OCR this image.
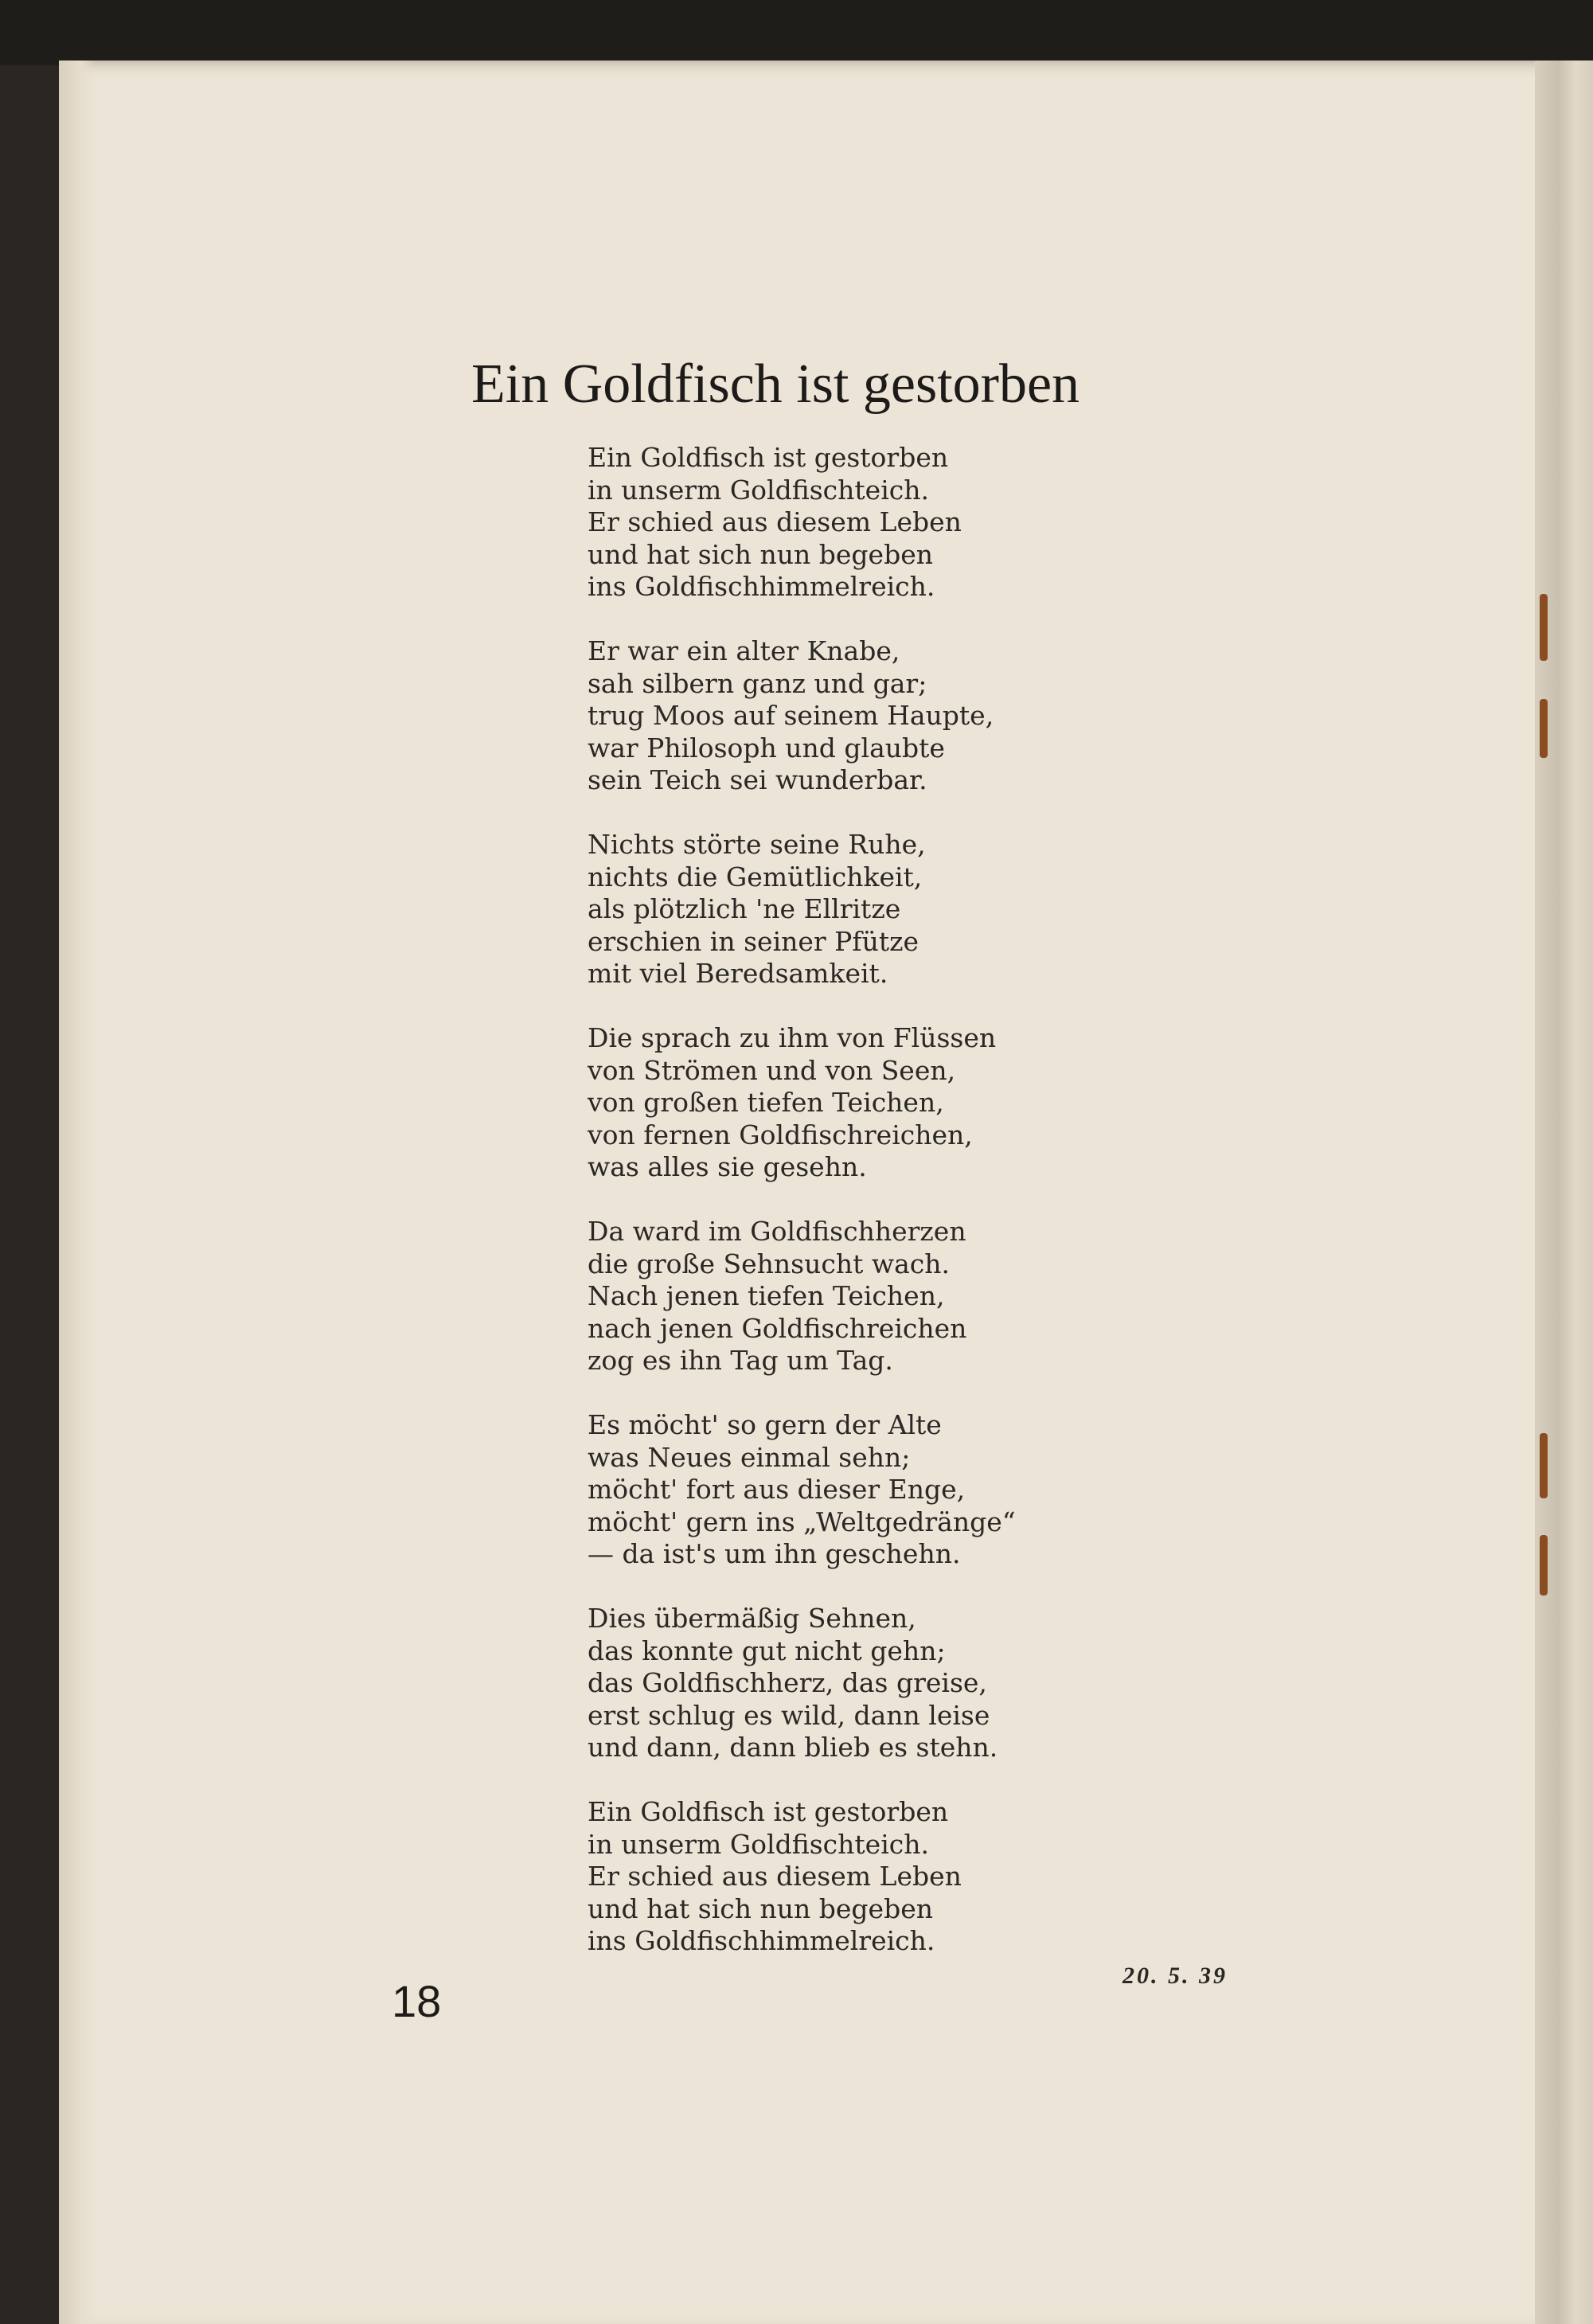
Ein Goldfisch ist gestorben
Ein Goldfisch ist gestorben
in unserm Goldfischteich.
Er schied aus diesem Leben
und hat sich nun begeben
ins Goldfischhimmelreich.
Er war ein alter Knabe,
sah silbern ganz und gar;
trug Moos auf seinem Haupte,
war Philosoph und glaubte
sein Teich sei wunderbar.
Nichts störte seine Ruhe,
nichts die Gemütlichkeit,
als plötzlich 'ne Ellritze
erschien in seiner Pfütze
mit viel Beredsamkeit.
Die sprach zu ihm von Flüssen
von Strömen und von Seen,
von großen tiefen Teichen,
von fernen Goldfischreichen,
was alles sie gesehn.
Da ward im Goldfischherzen
die große Sehnsucht wach.
Nach jenen tiefen Teichen,
nach jenen Goldfischreichen
zog es ihn Tag um Tag.
Es möcht' so gern der Alte
was Neues einmal sehn;
möcht' fort aus dieser Enge,
möcht' gern ins „Weltgedränge“
— da ist's um ihn geschehn.
Dies übermäßig Sehnen,
das konnte gut nicht gehn;
das Goldfischherz, das greise,
erst schlug es wild, dann leise
und dann, dann blieb es stehn.
Ein Goldfisch ist gestorben
in unserm Goldfischteich.
Er schied aus diesem Leben
und hat sich nun begeben
ins Goldfischhimmelreich.
18
20. 5. 39
